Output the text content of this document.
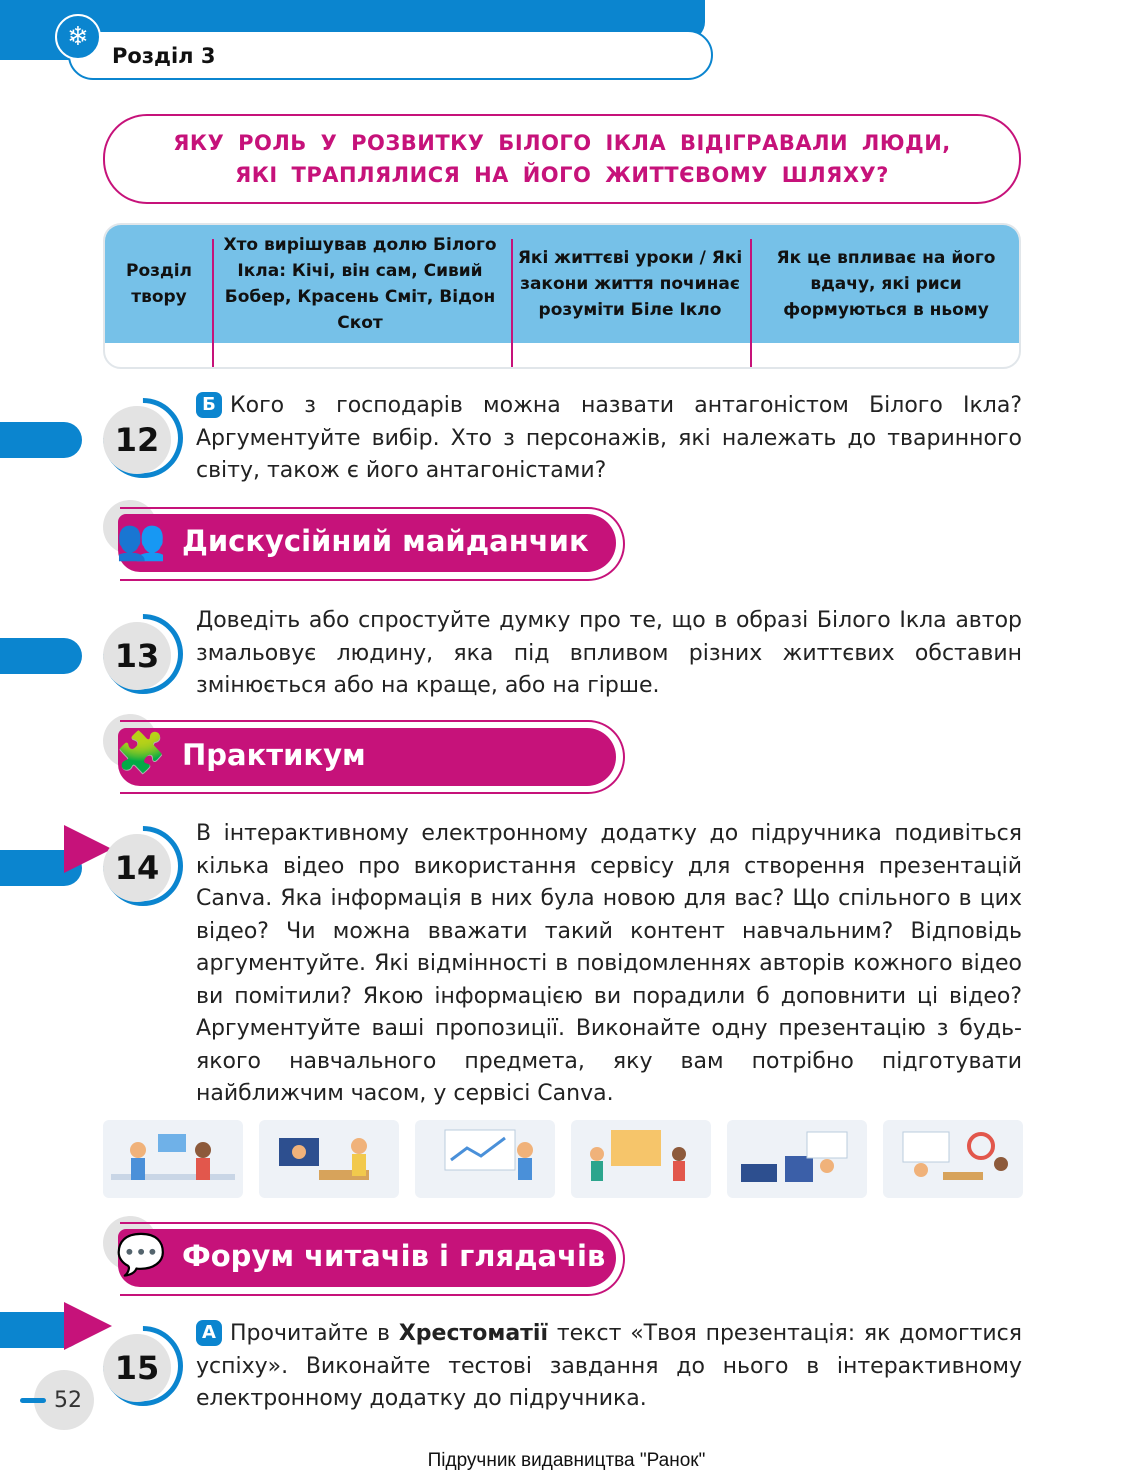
❄
Розділ 3
ЯКУ РОЛЬ У РОЗВИТКУ БІЛОГО ІКЛА ВІДІГРАВАЛИ ЛЮДИ,
ЯКІ ТРАПЛЯЛИСЯ НА ЙОГО ЖИТТЄВОМУ ШЛЯХУ?
Розділ твору
Хто вирішував долю Білого Ікла: Кічі, він сам, Сивий Бобер, Красень Сміт, Відон Скот
Які життєві уроки / Які закони життя починає розуміти Біле Ікло
Як це впливає на його вдачу, які риси формуються в ньому
12
Б Кого з господарів можна назвати антагоністом Білого Ікла? Аргументуйте вибір. Хто з персонажів, які належать до тваринного світу, також є його антагоністами?
Дискусійний майданчик
👥
13
Доведіть або спростуйте думку про те, що в образі Білого Ікла автор змальовує людину, яка під впливом різних життєвих обставин змінюється або на краще, або на гірше.
Практикум
🧩
14
В інтерактивному електронному додатку до підручника подивіться кілька відео про використання сервісу для створення презентацій Canva. Яка інформація в них була новою для вас? Що спільного в цих відео? Чи можна вважати такий контент навчальним? Відповідь аргументуйте. Які відмінності в повідомленнях авторів кожного відео ви помітили? Якою інформацією ви порадили б доповнити ці відео? Аргументуйте ваші пропозиції. Виконайте одну презентацію з будь-якого навчального предмета, яку вам потрібно підготувати найближчим часом, у сервісі Canva.
Форум читачів і глядачів
💬
15
А Прочитайте в Хрестоматії текст «Твоя презентація: як домогтися успіху». Виконайте тестові завдання до нього в інтерактивному електронному додатку до підручника.
52
Підручник видавництва "Ранок"
